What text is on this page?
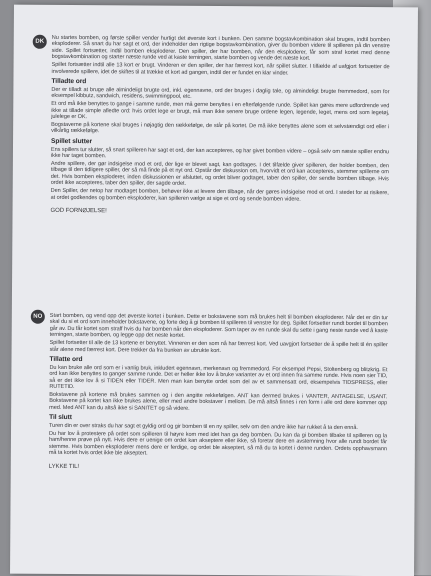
DK	Nu startes bomben, og første spiller vender hurtigt det øverste kort i bunken. Den samme bogstavkombination skal bruges, indtil bomben eksploderer. Så snart du har sagt et ord, der indeholder den rigtige bogstavkombination, giver du bomben videre til spilleren på din venstre side. Spillet fortsætter, indtil bomben eksploderer. Den spiller, der har bomben, når den eksploderer, får som straf kortet med denne bogstavkombination og starter næste runde ved at kaste terningen, starte bomben og vende det næste kort.

Spillet fortsætter indtil alle 13 kort er brugt. Vinderen er den spiller, der har færrest kort, når spillet slutter. I tilfælde af uafgjort fortsætter de involverede spillere, idet de skiftes til at trække et kort ad gangen, indtil der er fundet en klar vinder.

Tilladte ord

Der er tilladt at bruge alle almindeligt brugte ord, inkl. egennavne, ord der bruges i daglig tale, og almindeligt brugte fremmedord, som for eksempel kibbutz, sandwich, residens, swimmingpool, etc.

Et ord må ikke benyttes to gange i samme runde, men må gerne benyttes i en efterfølgende runde. Spillet kan gøres mere udfordrende ved ikke at tillade simple afledte ord: hvis ordet lege er brugt, må man ikke senere bruge ordene legen, legende, leget, mens ord som legetøj, julelege er OK.

Bogstaverne på kortene skal bruges i nøjagtig den rækkefølge, de står på kortet. De må ikke benyttes alene som et selvstændigt ord eller i vilkårlig rækkefølge.

Spillet slutter

Ens spillers tur slutter, så snart spilleren har sagt et ord, der kan accepteres, og har givet bomben videre – også selv om næste spiller endnu ikke har taget bomben.

Andre spillere, der gør indsigelse mod et ord, der lige er blevet sagt, kan godtages. I det tilfælde giver spilleren, der holder bomben, den tilbage til den tidligere spiller, der så må finde på et nyt ord. Opstår der diskussion om, hvorvidt et ord kan accepteres, stemmer spillerne om det. Hvis bomben eksploderer, inden diskussionen er afsluttet, og ordet bliver godtaget, taber den spiller, der sendte bomben tilbage. Hvis ordet ikke accepteres, taber den spiller, der sagde ordet.

Den Spiller, der netop har modtaget bomben, behøver ikke at levere den tilbage, når der gøres indsigelse mod et ord. I stedet for at risikere, at ordet godkendes og bomben eksploderer, kan spilleren vælge at sige et ord og sende bomben videre.

GOD FORNØJELSE!

NO	Start bomben, og vend opp det øverste kortet i bunken. Dette er bokstavene som må brukes helt til bomben eksploderer. Når det er din tur skal du si et ord som inneholder bokstavene, og forte deg å gi bomben til spilleren til venstre for deg. Spillet fortsetter rundt bordet til bomben går av. Du får kortet som straff hvis du har bomben når den eksploderer. Som taper av en runde skal du sette i gang neste runde ved å kaste terningen, starte bomben, og legge opp det neste kortet.

Spillet fortsetter til alle de 13 kortene er benyttet. Vinneren er den som nå har færrest kort. Ved uavgjort fortsetter de å spille helt til én spiller står alene med færrest kort. Dere trekker da fra bunken av ubrukte kort.

Tillatte ord

Du kan bruke alle ord som er i vanlig bruk, inkludert egennavn, merkenavn og fremmedord. For eksempel Pepsi, Stoltenberg og blitzkrig. Et ord kan ikke benyttes to ganger samme runde. Det er heller ikke lov å bruke varianter av et ord innen fra samme runde. Hvis noen sier TID, så er det ikke lov å si TIDEN eller TIDER. Men man kan benytte ordet som del av et sammensatt ord, eksempelvis TIDSPRESS, eller RUTETID.

Bokstavene på kortene må brukes sammen og i den angitte rekkefølgen. ANT kan dermed brukes i VANTER, ANTAGELSE, USANT. Bokstavene på kortet kan ikke brukes alene, eller med andre bokstaver i mellom. De må altså finnes i ren form i alle ord dere kommer opp med. Med ANT kan du altså ikke si SANITET og så videre.

Til slutt

Turen din er over straks du har sagt et gyldig ord og gir bomben til en ny spiller, selv om den andre ikke har rukket å ta den ennå.

Du har lov å protestere på ordet som spilleren til høyre kom med idet han ga deg bomben. Du kan da gi bomben tilbake til spilleren og la ham/henne prøve på nytt. Hvis dere er uenige om ordet kan akseptere eller ikke, så foretar dere en avstemning hvor alle rundt bordet får stemme. Hvis bomben eksploderer mens dere er ferdige, og ordet ble akseptert, så må du ta kortet i denne runden. Ordets opphavsmann må ta kortet hvis ordet ikke ble akseptert.

LYKKE TIL!
